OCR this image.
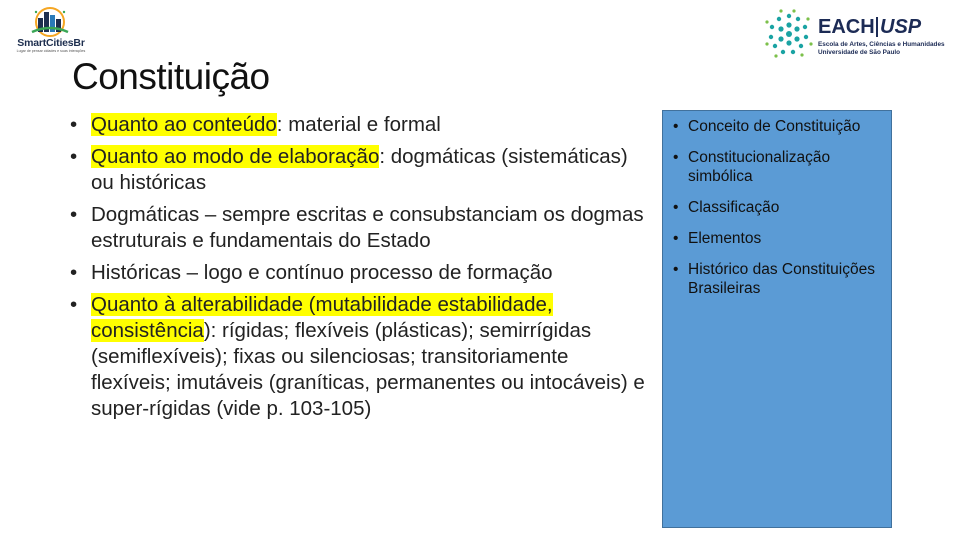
SmartCitiesBr
Lugar de pensar cidades e suas interações
EACH USP
Escola de Artes, Ciências e Humanidades
Universidade de São Paulo
Constituição
• Quanto ao conteúdo: material e formal
• Quanto ao modo de elaboração: dogmáticas (sistemáticas) ou históricas
• Dogmáticas – sempre escritas e consubstanciam os dogmas estruturais e fundamentais do Estado
• Históricas – logo e contínuo processo de formação
• Quanto à alterabilidade (mutabilidade estabilidade, consistência): rígidas; flexíveis (plásticas); semirrígidas (semiflexíveis); fixas ou silenciosas; transitoriamente flexíveis; imutáveis (graníticas, permanentes ou intocáveis) e super-rígidas (vide p. 103-105)
• Conceito de Constituição
• Constitucionalização simbólica
• Classificação
• Elementos
• Histórico das Constituições Brasileiras
